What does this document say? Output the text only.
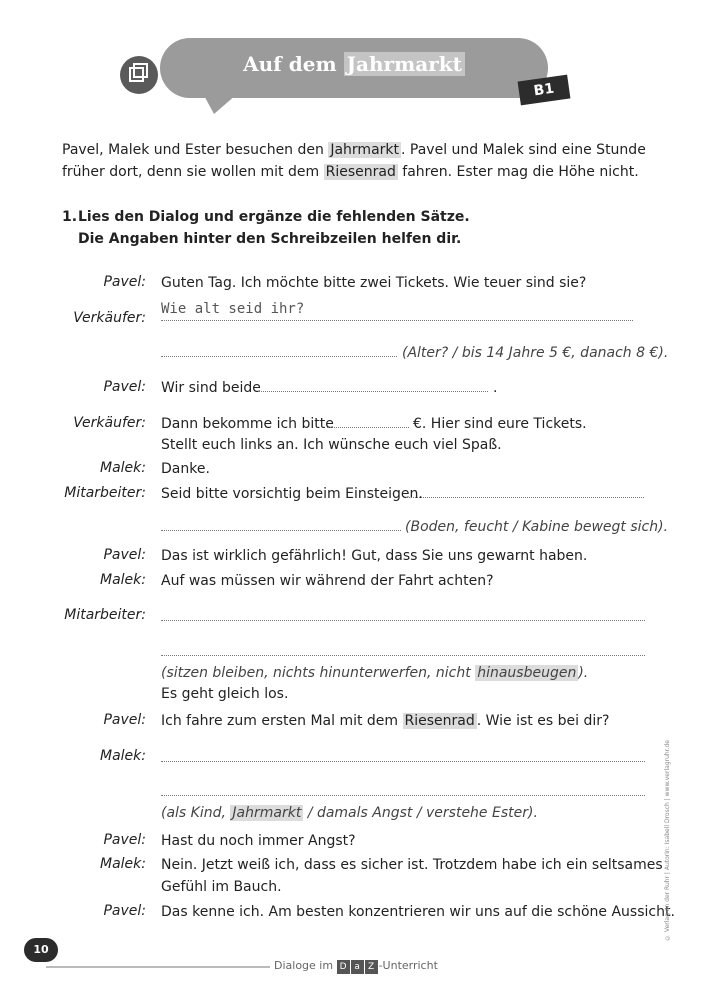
Auf dem Jahrmarkt
B1
Pavel, Malek und Ester besuchen den Jahrmarkt . Pavel und Malek sind eine Stunde
früher dort, denn sie wollen mit dem Riesenrad fahren. Ester mag die Höhe nicht.
1.Lies den Dialog und ergänze die fehlenden Sätze.
Die Angaben hinter den Schreibzeilen helfen dir.
Pavel: Guten Tag. Ich möchte bitte zwei Tickets. Wie teuer sind sie?
Verkäufer:
Wie alt seid ihr?
(Alter? / bis 14 Jahre 5 €, danach 8 €).
Pavel: Wir sind beide	.
Verkäufer: Dann bekomme ich bitte	€. Hier sind eure Tickets.
Stellt euch links an. Ich wünsche euch viel Spaß.
Malek: Danke.
Mitarbeiter: Seid bitte vorsichtig beim Einsteigen.
(Boden, feucht / Kabine bewegt sich).
Pavel: Das ist wirklich gefährlich! Gut, dass Sie uns gewarnt haben.
Malek: Auf was müssen wir während der Fahrt achten?
Mitarbeiter:
(sitzen bleiben, nichts hinunterwerfen, nicht hinausbeugen ).
Es geht gleich los.
Pavel: Ich fahre zum ersten Mal mit dem Riesenrad . Wie ist es bei dir?
Malek:
(als Kind, Jahrmarkt / damals Angst / verstehe Ester).
Pavel: Hast du noch immer Angst?
Malek: Nein. Jetzt weiß ich, dass es sicher ist. Trotzdem habe ich ein seltsames
Gefühl im Bauch.
Pavel: Das kenne ich. Am besten konzentrieren wir uns auf die schöne Aussicht.
© Verlag an der Ruhr | Autorin: Isabell Drosch | www.verlagruhr.de
10
Dialoge im D a Z -Unterricht
